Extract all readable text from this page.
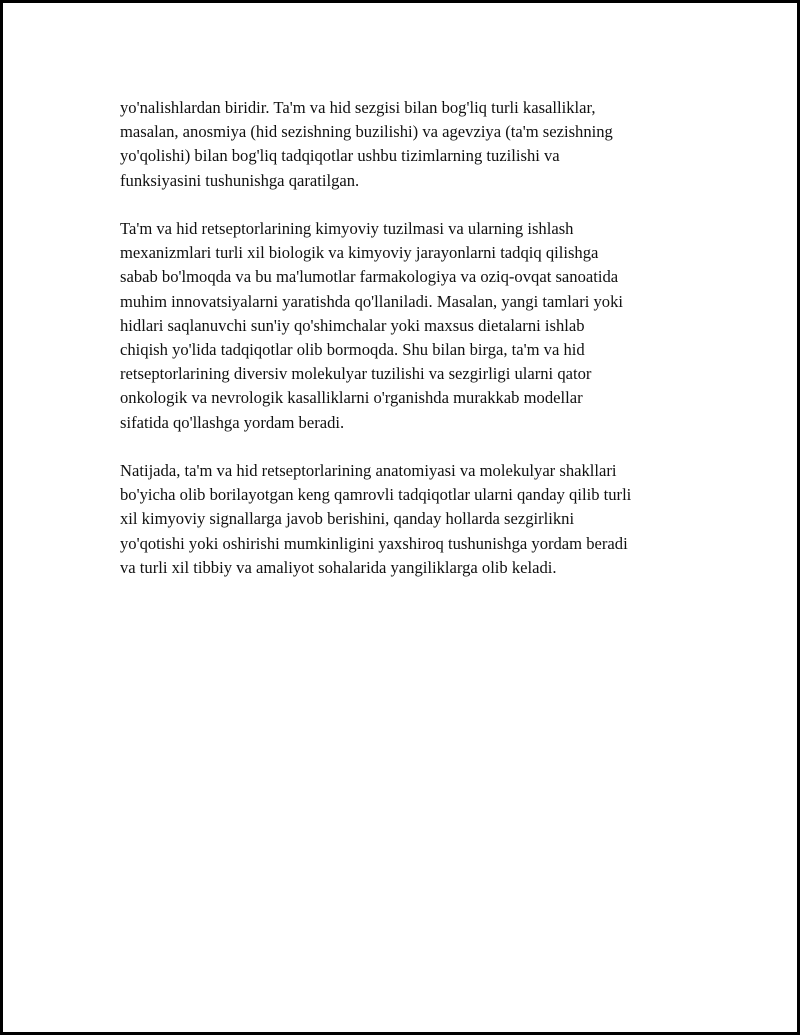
yo'nalishlardan biridir. Ta'm va hid sezgisi bilan bog'liq turli kasalliklar,
masalan, anosmiya (hid sezishning buzilishi) va agevziya (ta'm sezishning
yo'qolishi) bilan bog'liq tadqiqotlar ushbu tizimlarning tuzilishi va
funksiyasini tushunishga qaratilgan.

Ta'm va hid retseptorlarining kimyoviy tuzilmasi va ularning ishlash
mexanizmlari turli xil biologik va kimyoviy jarayonlarni tadqiq qilishga
sabab bo'lmoqda va bu ma'lumotlar farmakologiya va oziq-ovqat sanoatida
muhim innovatsiyalarni yaratishda qo'llaniladi. Masalan, yangi tamlari yoki
hidlari saqlanuvchi sun'iy qo'shimchalar yoki maxsus dietalarni ishlab
chiqish yo'lida tadqiqotlar olib bormoqda. Shu bilan birga, ta'm va hid
retseptorlarining diversiv molekulyar tuzilishi va sezgirligi ularni qator
onkologik va nevrologik kasalliklarni o'rganishda murakkab modellar
sifatida qo'llashga yordam beradi.

Natijada, ta'm va hid retseptorlarining anatomiyasi va molekulyar shakllari
bo'yicha olib borilayotgan keng qamrovli tadqiqotlar ularni qanday qilib turli
xil kimyoviy signallarga javob berishini, qanday hollarda sezgirlikni
yo'qotishi yoki oshirishi mumkinligini yaxshiroq tushunishga yordam beradi
va turli xil tibbiy va amaliyot sohalarida yangiliklarga olib keladi.
